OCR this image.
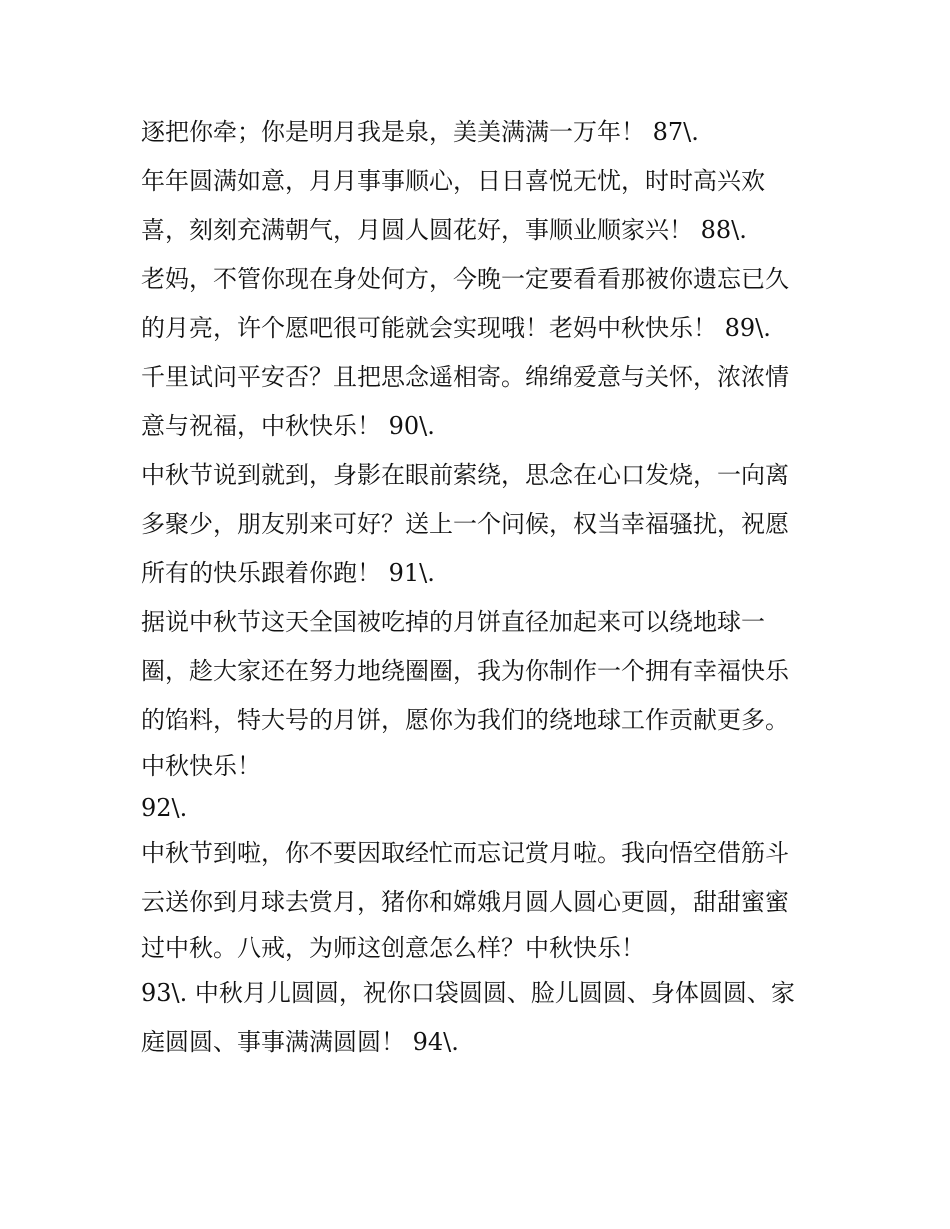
逐把你牵；你是明月我是泉，美美满满一万年！ 87\.
年年圆满如意，月月事事顺心，日日喜悦无忧，时时高兴欢
喜，刻刻充满朝气，月圆人圆花好，事顺业顺家兴！ 88\.
老妈，不管你现在身处何方，今晚一定要看看那被你遗忘已久
的月亮，许个愿吧很可能就会实现哦！老妈中秋快乐！ 89\.
千里试问平安否？且把思念遥相寄。绵绵爱意与关怀，浓浓情
意与祝福，中秋快乐！ 90\.
中秋节说到就到，身影在眼前萦绕，思念在心口发烧，一向离
多聚少，朋友别来可好？送上一个问候，权当幸福骚扰，祝愿
所有的快乐跟着你跑！ 91\.
据说中秋节这天全国被吃掉的月饼直径加起来可以绕地球一
圈，趁大家还在努力地绕圈圈，我为你制作一个拥有幸福快乐
的馅料，特大号的月饼，愿你为我们的绕地球工作贡献更多。
中秋快乐！
92\.
中秋节到啦，你不要因取经忙而忘记赏月啦。我向悟空借筋斗
云送你到月球去赏月，猪你和嫦娥月圆人圆心更圆，甜甜蜜蜜
过中秋。八戒，为师这创意怎么样？中秋快乐！
93\. 中秋月儿圆圆，祝你口袋圆圆、脸儿圆圆、身体圆圆、家
庭圆圆、事事满满圆圆！ 94\.
